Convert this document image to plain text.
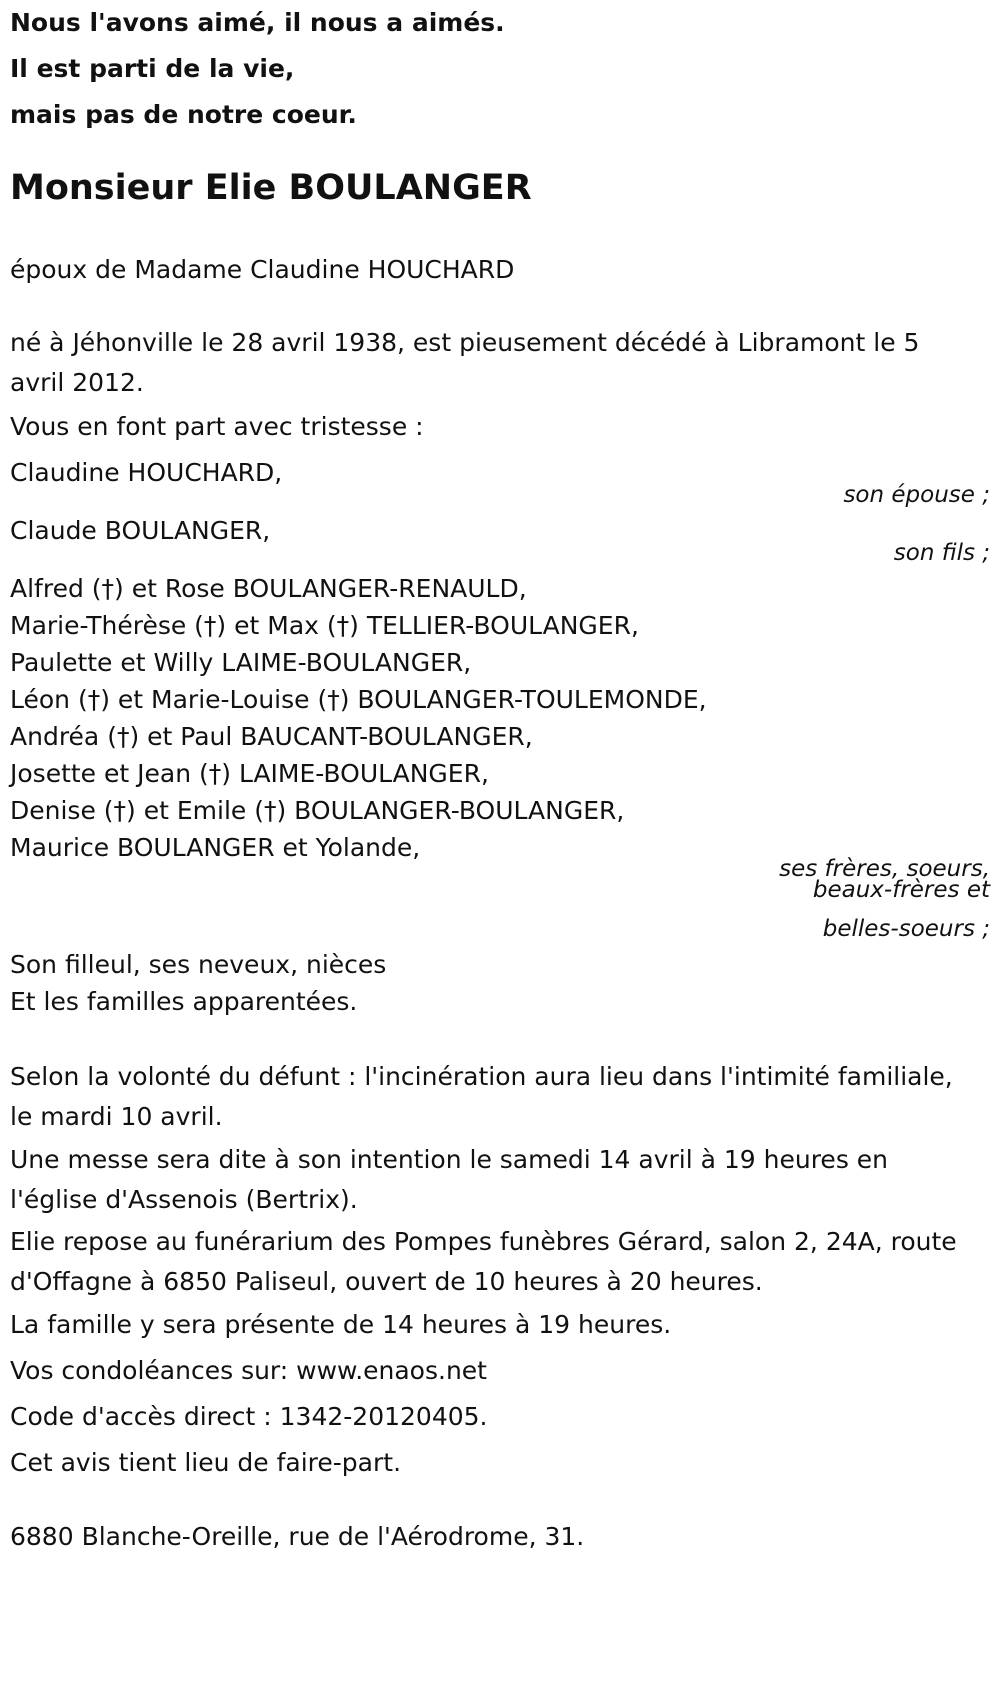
Nous l'avons aimé, il nous a aimés.
Il est parti de la vie,
mais pas de notre coeur.
Monsieur Elie BOULANGER
époux de Madame Claudine HOUCHARD
né à Jéhonville le 28 avril 1938, est pieusement décédé à Libramont le 5 avril 2012.
Vous en font part avec tristesse :
Claudine HOUCHARD,
son épouse ;
Claude BOULANGER,
son fils ;
Alfred (†) et Rose BOULANGER-RENAULD,
Marie-Thérèse (†) et Max (†) TELLIER-BOULANGER,
Paulette et Willy LAIME-BOULANGER,
Léon (†) et Marie-Louise (†) BOULANGER-TOULEMONDE,
Andréa (†) et Paul BAUCANT-BOULANGER,
Josette et Jean (†) LAIME-BOULANGER,
Denise (†) et Emile (†) BOULANGER-BOULANGER,
Maurice BOULANGER et Yolande,
ses frères, soeurs,
beaux-frères et
belles-soeurs ;
Son filleul, ses neveux, nièces
Et les familles apparentées.
Selon la volonté du défunt : l'incinération aura lieu dans l'intimité familiale, le mardi 10 avril.
Une messe sera dite à son intention le samedi 14 avril à 19 heures en l'église d'Assenois (Bertrix).
Elie repose au funérarium des Pompes funèbres Gérard, salon 2, 24A, route d'Offagne à 6850 Paliseul, ouvert de 10 heures à 20 heures.
La famille y sera présente de 14 heures à 19 heures.
Vos condoléances sur: www.enaos.net
Code d'accès direct : 1342-20120405.
Cet avis tient lieu de faire-part.
6880 Blanche-Oreille, rue de l'Aérodrome, 31.
